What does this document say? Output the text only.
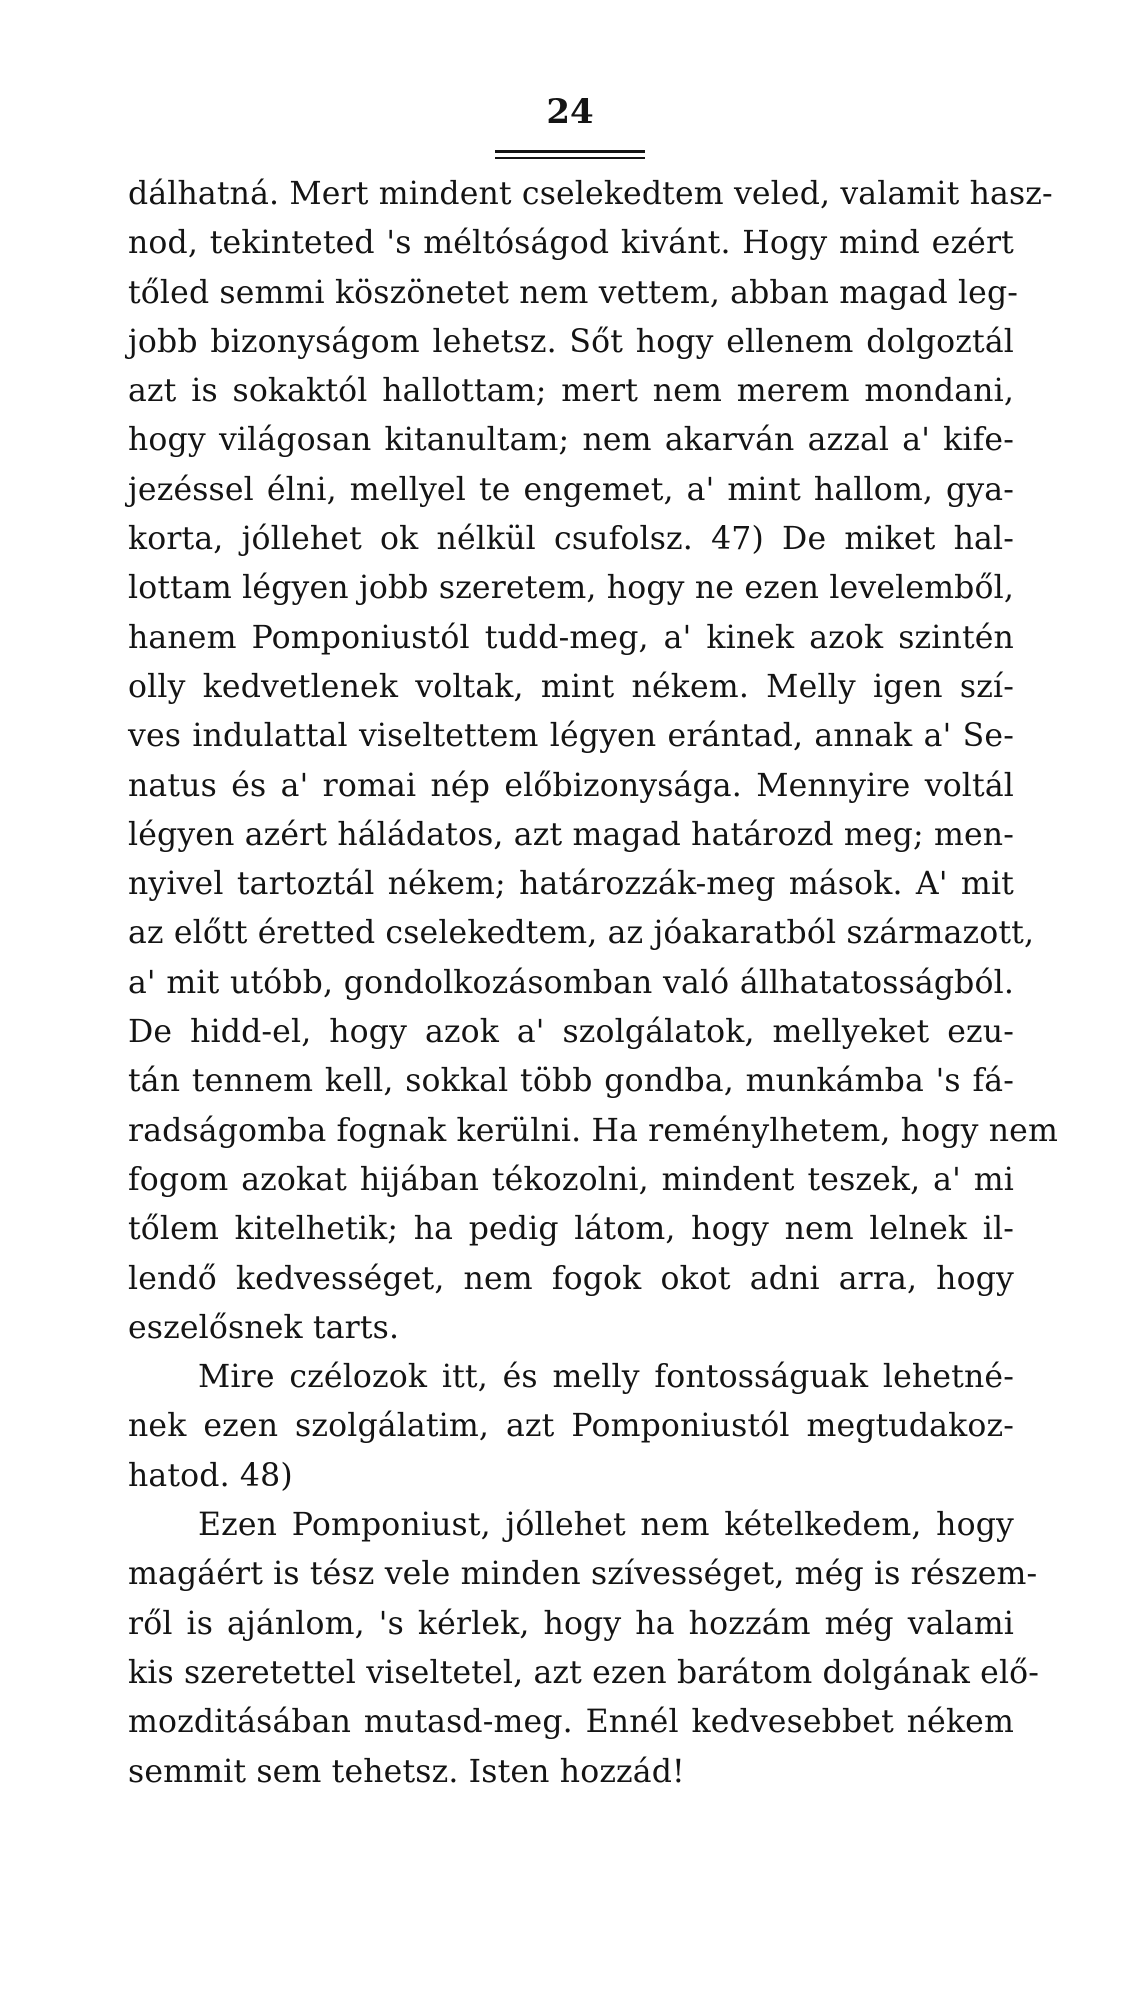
24
dálhatná. Mert mindent cselekedtem veled, valamit hasz-
nod, tekinteted 's méltóságod kivánt. Hogy mind ezért
tőled semmi köszönetet nem vettem, abban magad leg-
jobb bizonyságom lehetsz. Sőt hogy ellenem dolgoztál
azt is sokaktól hallottam; mert nem merem mondani,
hogy világosan kitanultam; nem akarván azzal a' kife-
jezéssel élni, mellyel te engemet, a' mint hallom, gya-
korta, jóllehet ok nélkül csufolsz. 47) De miket hal-
lottam légyen jobb szeretem, hogy ne ezen levelemből,
hanem Pomponiustól tudd-meg, a' kinek azok szintén
olly kedvetlenek voltak, mint nékem. Melly igen szí-
ves indulattal viseltettem légyen erántad, annak a' Se-
natus és a' romai nép előbizonysága. Mennyire voltál
légyen azért háládatos, azt magad határozd meg; men-
nyivel tartoztál nékem; határozzák-meg mások. A' mit
az előtt éretted cselekedtem, az jóakaratból származott,
a' mit utóbb, gondolkozásomban való állhatatosságból.
De hidd-el, hogy azok a' szolgálatok, mellyeket ezu-
tán tennem kell, sokkal több gondba, munkámba 's fá-
radságomba fognak kerülni. Ha reménylhetem, hogy nem
fogom azokat hijában tékozolni, mindent teszek, a' mi
tőlem kitelhetik; ha pedig látom, hogy nem lelnek il-
lendő kedvességet, nem fogok okot adni arra, hogy
eszelősnek tarts.
Mire czélozok itt, és melly fontosságuak lehetné-
nek ezen szolgálatim, azt Pomponiustól megtudakoz-
hatod. 48)
Ezen Pomponiust, jóllehet nem kételkedem, hogy
magáért is tész vele minden szívességet, még is részem-
ről is ajánlom, 's kérlek, hogy ha hozzám még valami
kis szeretettel viseltetel, azt ezen barátom dolgának elő-
mozditásában mutasd-meg. Ennél kedvesebbet nékem
semmit sem tehetsz. Isten hozzád!
